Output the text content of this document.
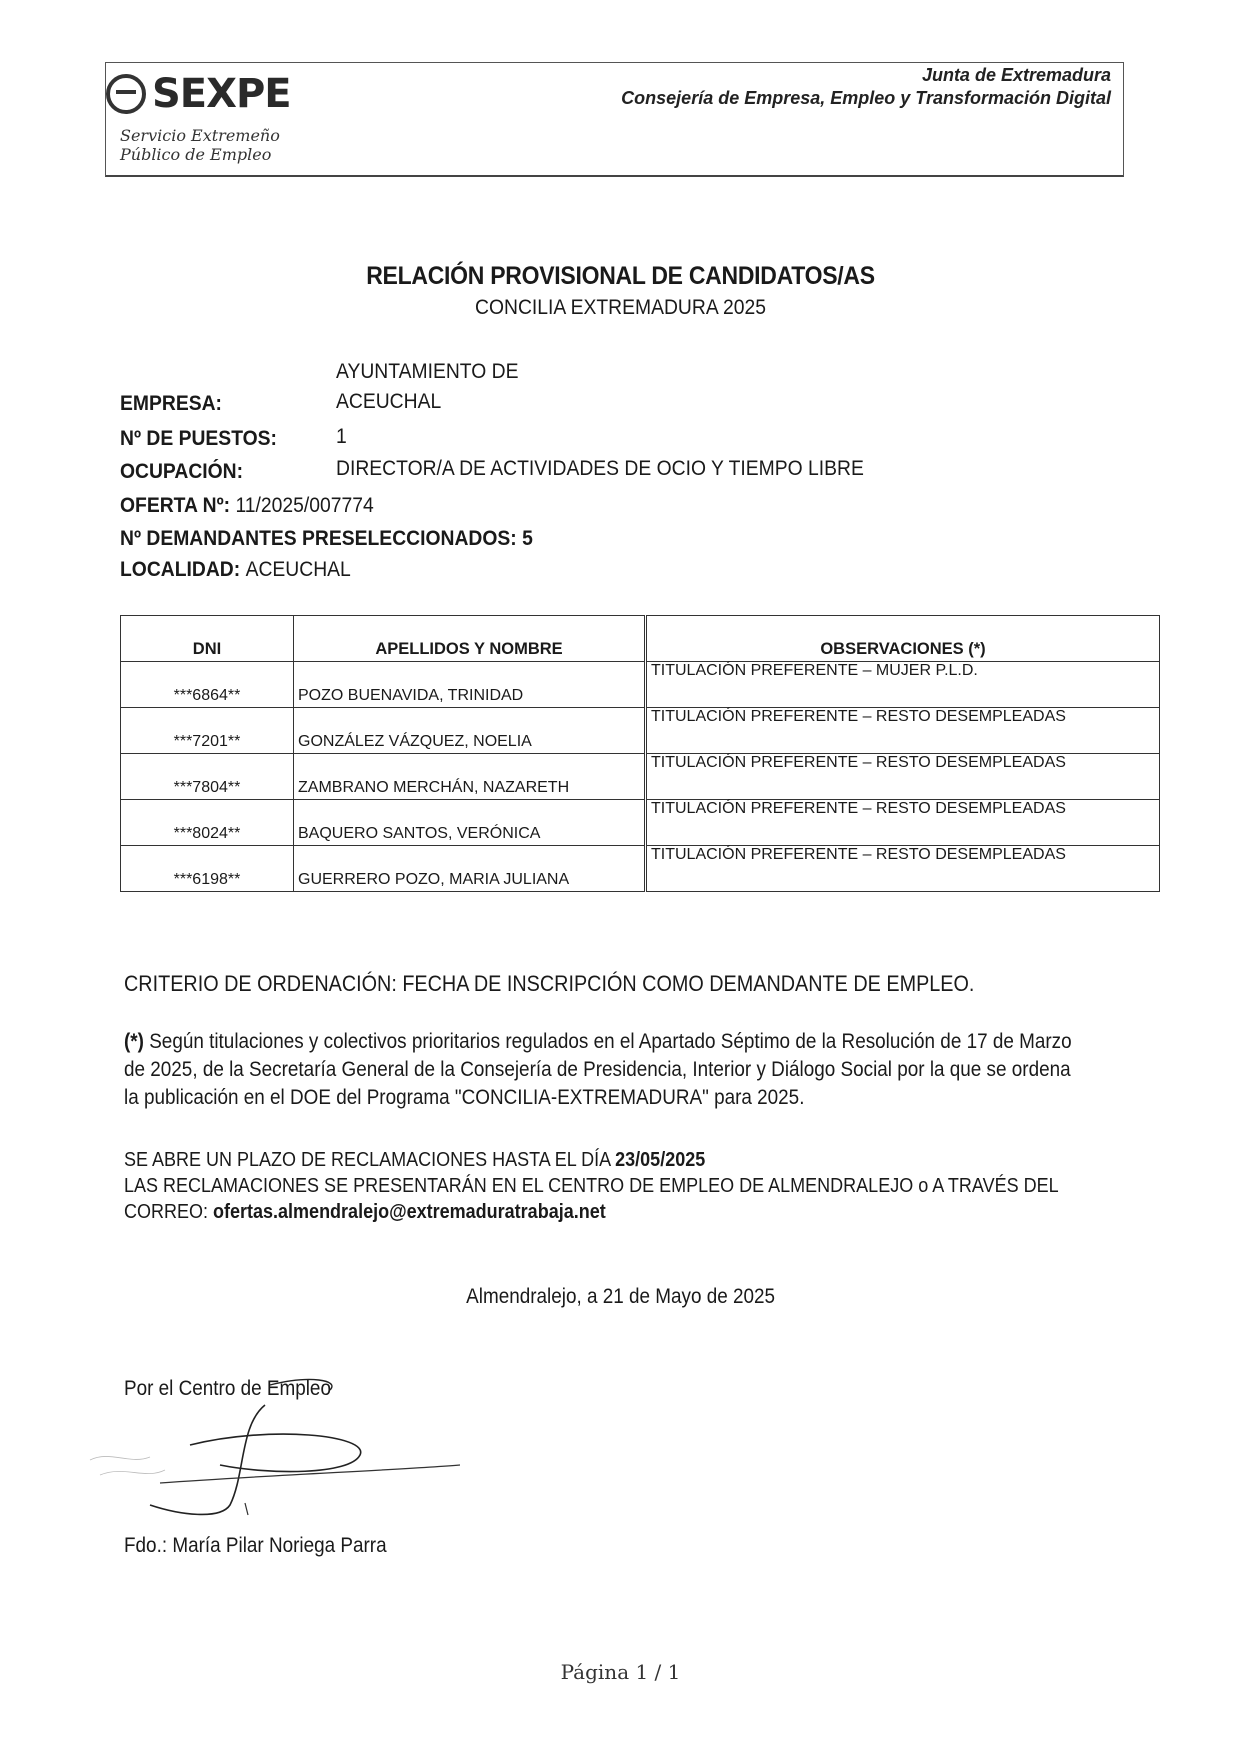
SEXPE
Servicio Extremeño
Público de Empleo
Junta de Extremadura
Consejería de Empresa, Empleo y Transformación Digital
RELACIÓN PROVISIONAL DE CANDIDATOS/AS
CONCILIA EXTREMADURA 2025
AYUNTAMIENTO DE
EMPRESA:	ACEUCHAL
Nº DE PUESTOS:	1
OCUPACIÓN:	DIRECTOR/A DE ACTIVIDADES DE OCIO Y TIEMPO LIBRE
OFERTA Nº: 11/2025/007774
Nº DEMANDANTES PRESELECCIONADOS: 5
LOCALIDAD: ACEUCHAL
DNI	APELLIDOS Y NOMBRE	OBSERVACIONES (*)
***6864**	POZO BUENAVIDA, TRINIDAD	TITULACIÓN PREFERENTE – MUJER P.L.D.
***7201**	GONZÁLEZ VÁZQUEZ, NOELIA	TITULACIÓN PREFERENTE – RESTO DESEMPLEADAS
***7804**	ZAMBRANO MERCHÁN, NAZARETH	TITULACIÓN PREFERENTE – RESTO DESEMPLEADAS
***8024**	BAQUERO SANTOS, VERÓNICA	TITULACIÓN PREFERENTE – RESTO DESEMPLEADAS
***6198**	GUERRERO POZO, MARIA JULIANA	TITULACIÓN PREFERENTE – RESTO DESEMPLEADAS
CRITERIO DE ORDENACIÓN: FECHA DE INSCRIPCIÓN COMO DEMANDANTE DE EMPLEO.
(*) Según titulaciones y colectivos prioritarios regulados en el Apartado Séptimo de la Resolución de 17 de Marzo
de 2025, de la Secretaría General de la Consejería de Presidencia, Interior y Diálogo Social por la que se ordena
la publicación en el DOE del Programa "CONCILIA-EXTREMADURA" para 2025.
SE ABRE UN PLAZO DE RECLAMACIONES HASTA EL DÍA 23/05/2025
LAS RECLAMACIONES SE PRESENTARÁN EN EL CENTRO DE EMPLEO DE ALMENDRALEJO o A TRAVÉS DEL
CORREO: ofertas.almendralejo@extremaduratrabaja.net
Almendralejo, a 21 de Mayo de 2025
Por el Centro de Empleo
Fdo.: María Pilar Noriega Parra
Página 1 / 1
